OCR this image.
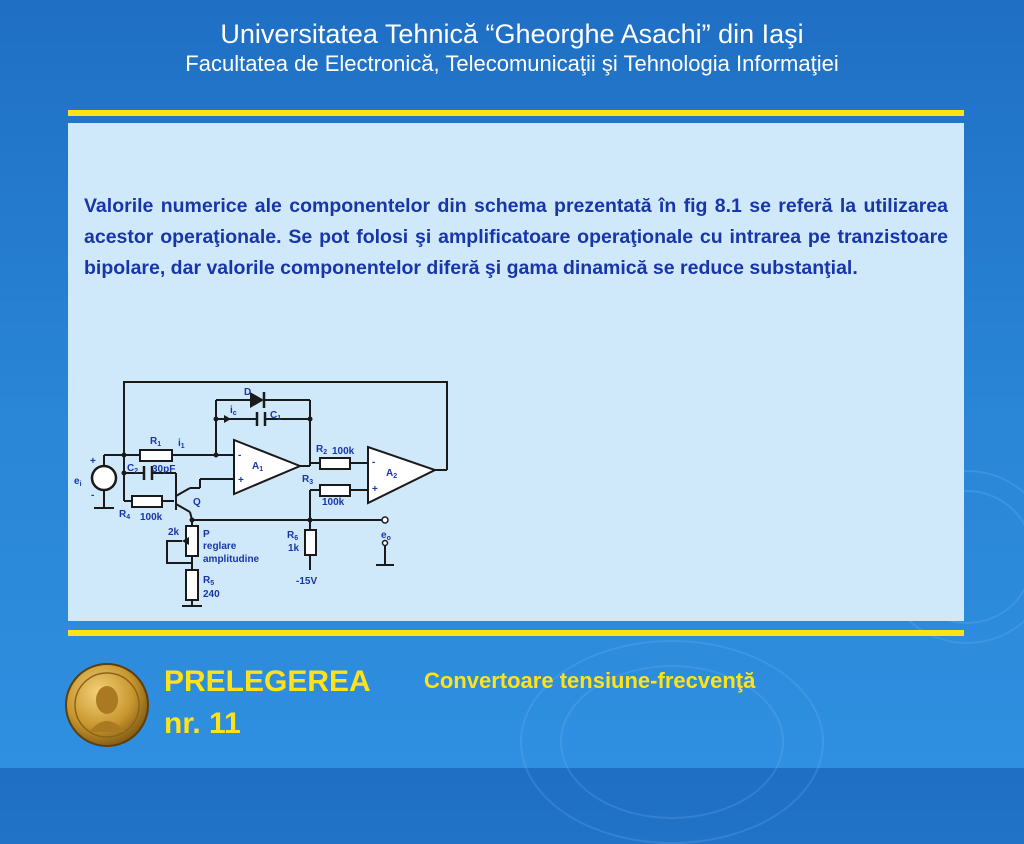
Universitatea Tehnică “Gheorghe Asachi” din Iaşi
Facultatea de Electronică, Telecomunicaţii şi Tehnologia Informaţiei
Valorile numerice ale componentelor din schema prezentată în fig 8.1 se referă la utilizarea acestor operaţionale. Se pot folosi şi amplificatoare operaţionale cu intrarea pe tranzistoare bipolare, dar valorile componentelor diferă şi gama dinamică se reduce substanţial.
D
$i_c$	$C_1$
$R_1$ $i_1$
$A_1$
-
+
$A_2$
-
+
$R_2$ 100k
$R_3$
100k
$C_2$ 30pF
$e_i$
+
-
$R_4$ 100k
Q
2k P
reglare
amplitudine
$R_5$
240
$R_6$
1k
-15V
$e_o$
PRELEGEREA
nr. 11
Convertoare tensiune-frecvenţă
